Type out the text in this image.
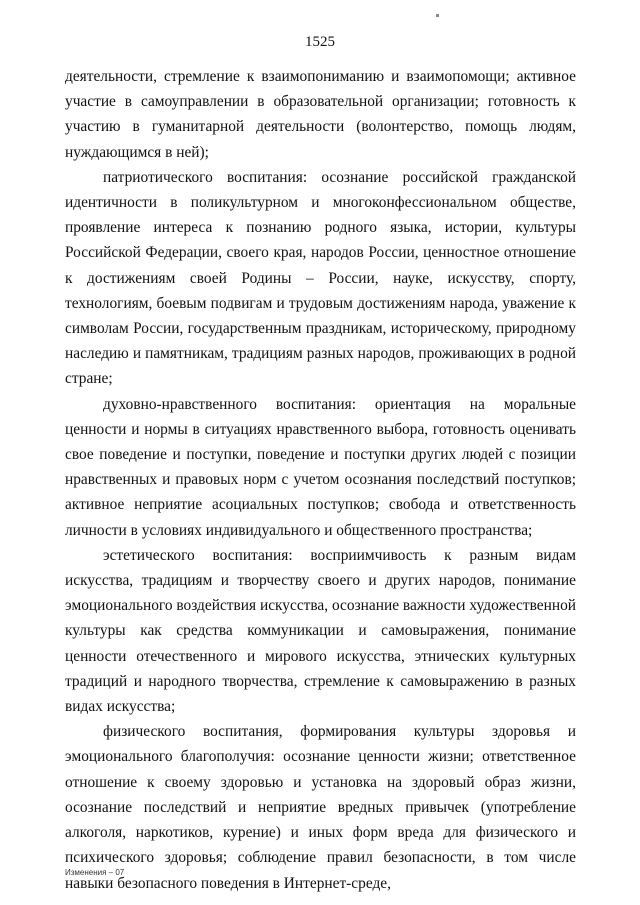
1525

деятельности, стремление к взаимопониманию и взаимопомощи; активное участие в самоуправлении в образовательной организации; готовность к участию в гуманитарной деятельности (волонтерство, помощь людям, нуждающимся в ней);

патриотического воспитания: осознание российской гражданской идентичности в поликультурном и многоконфессиональном обществе, проявление интереса к познанию родного языка, истории, культуры Российской Федерации, своего края, народов России, ценностное отношение к достижениям своей Родины – России, науке, искусству, спорту, технологиям, боевым подвигам и трудовым достижениям народа, уважение к символам России, государственным праздникам, историческому, природному наследию и памятникам, традициям разных народов, проживающих в родной стране;

духовно-нравственного воспитания: ориентация на моральные ценности и нормы в ситуациях нравственного выбора, готовность оценивать свое поведение и поступки, поведение и поступки других людей с позиции нравственных и правовых норм с учетом осознания последствий поступков; активное неприятие асоциальных поступков; свобода и ответственность личности в условиях индивидуального и общественного пространства;

эстетического воспитания: восприимчивость к разным видам искусства, традициям и творчеству своего и других народов, понимание эмоционального воздействия искусства, осознание важности художественной культуры как средства коммуникации и самовыражения, понимание ценности отечественного и мирового искусства, этнических культурных традиций и народного творчества, стремление к самовыражению в разных видах искусства;

физического воспитания, формирования культуры здоровья и эмоционального благополучия: осознание ценности жизни; ответственное отношение к своему здоровью и установка на здоровый образ жизни, осознание последствий и неприятие вредных привычек (употребление алкоголя, наркотиков, курение) и иных форм вреда для физического и психического здоровья; соблюдение правил безопасности, в том числе навыки безопасного поведения в Интернет-среде,

Изменения – 07
